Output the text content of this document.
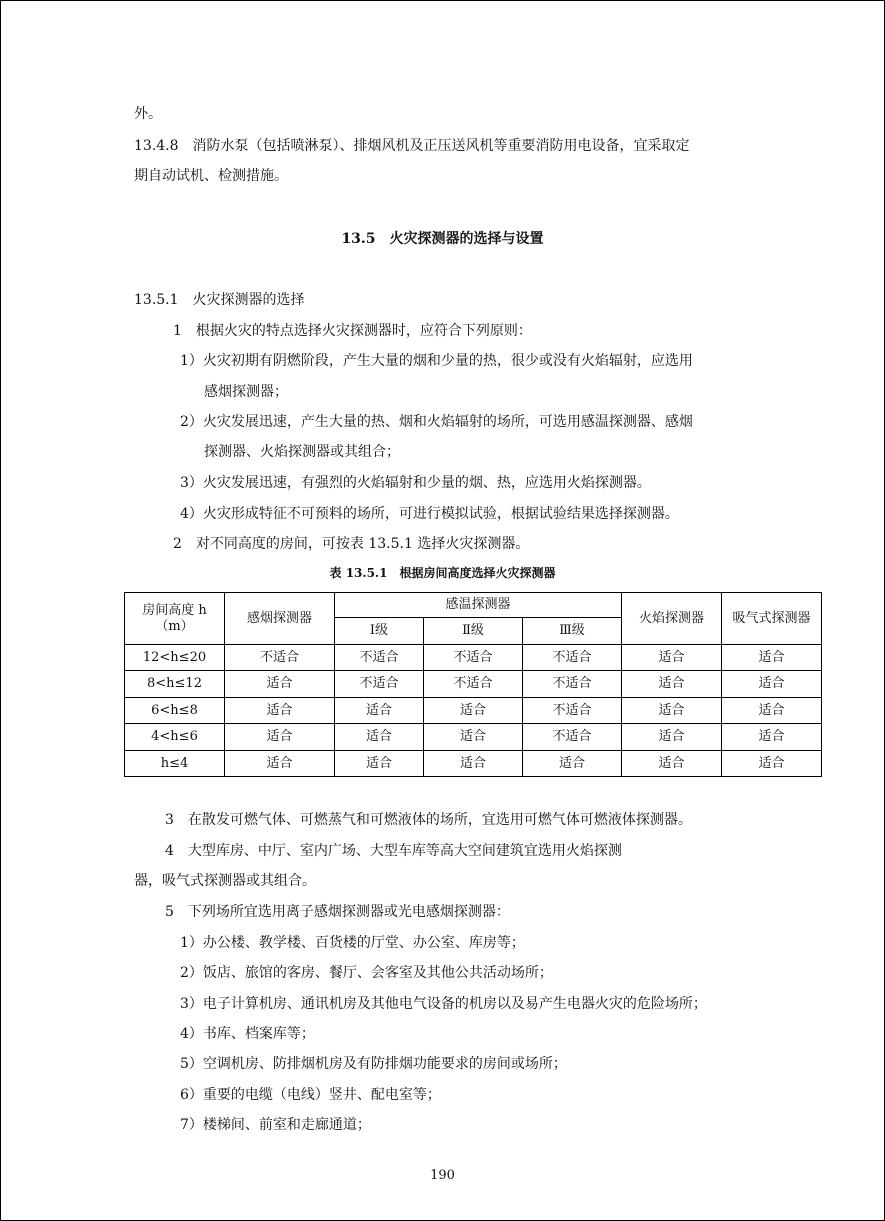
外。
13.4.8　消防水泵（包括喷淋泵）、排烟风机及正压送风机等重要消防用电设备，宜采取定
期自动试机、检测措施。
13.5　火灾探测器的选择与设置
13.5.1　火灾探测器的选择
1　根据火灾的特点选择火灾探测器时，应符合下列原则：
1）火灾初期有阴燃阶段，产生大量的烟和少量的热，很少或没有火焰辐射，应选用
感烟探测器；
2）火灾发展迅速，产生大量的热、烟和火焰辐射的场所，可选用感温探测器、感烟
探测器、火焰探测器或其组合；
3）火灾发展迅速，有强烈的火焰辐射和少量的烟、热，应选用火焰探测器。
4）火灾形成特征不可预料的场所，可进行模拟试验，根据试验结果选择探测器。
2　对不同高度的房间，可按表 13.5.1 选择火灾探测器。
表 13.5.1　根据房间高度选择火灾探测器
房间高度 h
（m）	感烟探测器	感温探测器			火焰探测器	吸气式探测器
		Ⅰ级	Ⅱ级	Ⅲ级		
12<h≤20	不适合	不适合	不适合	不适合	适合	适合
8<h≤12	适合	不适合	不适合	不适合	适合	适合
6<h≤8	适合	适合	适合	不适合	适合	适合
4<h≤6	适合	适合	适合	不适合	适合	适合
h≤4	适合	适合	适合	适合	适合	适合
3　在散发可燃气体、可燃蒸气和可燃液体的场所，宜选用可燃气体可燃液体探测器。
4　大型库房、中厅、室内广场、大型车库等高大空间建筑宜选用火焰探测
器，吸气式探测器或其组合。
5　下列场所宜选用离子感烟探测器或光电感烟探测器：
1）办公楼、教学楼、百货楼的厅堂、办公室、库房等；
2）饭店、旅馆的客房、餐厅、会客室及其他公共活动场所；
3）电子计算机房、通讯机房及其他电气设备的机房以及易产生电器火灾的危险场所；
4）书库、档案库等；
5）空调机房、防排烟机房及有防排烟功能要求的房间或场所；
6）重要的电缆（电线）竖井、配电室等；
7）楼梯间、前室和走廊通道；
190
